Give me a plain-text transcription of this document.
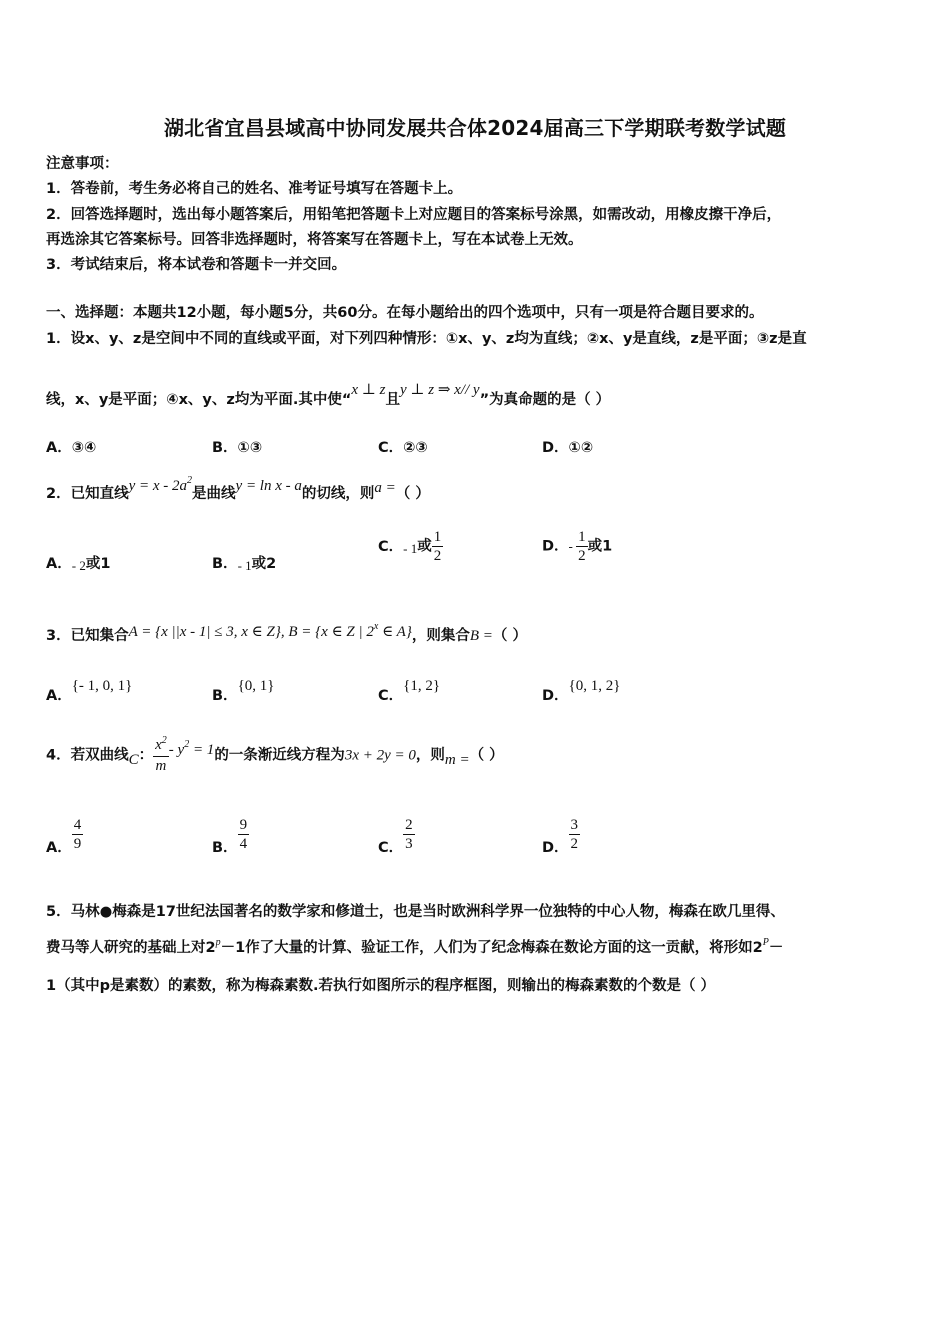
湖北省宜昌县域高中协同发展共合体2024届高三下学期联考数学试题
注意事项：
1．答卷前，考生务必将自己的姓名、准考证号填写在答题卡上。
2．回答选择题时，选出每小题答案后，用铅笔把答题卡上对应题目的答案标号涂黑，如需改动，用橡皮擦干净后，
再选涂其它答案标号。回答非选择题时，将答案写在答题卡上，写在本试卷上无效。
3．考试结束后，将本试卷和答题卡一并交回。
一、选择题：本题共12小题，每小题5分，共60分。在每小题给出的四个选项中，只有一项是符合题目要求的。
1．设x、y、z是空间中不同的直线或平面，对下列四种情形：①x、y、z均为直线；②x、y是直线，z是平面；③z是直
线，x、y是平面；④x、y、z均为平面.其中使“x ⊥ z且y ⊥ z ⇒ x// y”为真命题的是（ ）
A．③④	B．①③	C．②③	D．①②
2．已知直线$y = x - 2a^2$是曲线y = ln x - a的切线，则a =（ ）
A．- 2或1	B．- 1或2
C．- 1或 $\frac{1}{2}$	D．- $\frac{1}{2}$ 或1
3．已知集合A = {x ||x - 1| ≤ 3, x ∈ Z}, B = {x ∈ Z | 2$^x$ ∈ A}，则集合B =（ ）
A．{- 1, 0, 1}
B．{0, 1}
C．{1, 2}
D．{0, 1, 2}
4．若双曲线C： $\frac{x^2}{m} - y^2 = 1$的一条渐近线方程为3x + 2y = 0，则m =（ ）
A． $\frac{4}{9}$	B． $\frac{9}{4}$	C． $\frac{2}{3}$	D． $\frac{3}{2}$
5．马林●梅森是17世纪法国著名的数学家和修道士，也是当时欧洲科学界一位独特的中心人物，梅森在欧几里得、
费马等人研究的基础上对$2^p-1$作了大量的计算、验证工作，人们为了纪念梅森在数论方面的这一贡献，将形如$2^P-$
1（其中p是素数）的素数，称为梅森素数.若执行如图所示的程序框图，则输出的梅森素数的个数是（ ）
